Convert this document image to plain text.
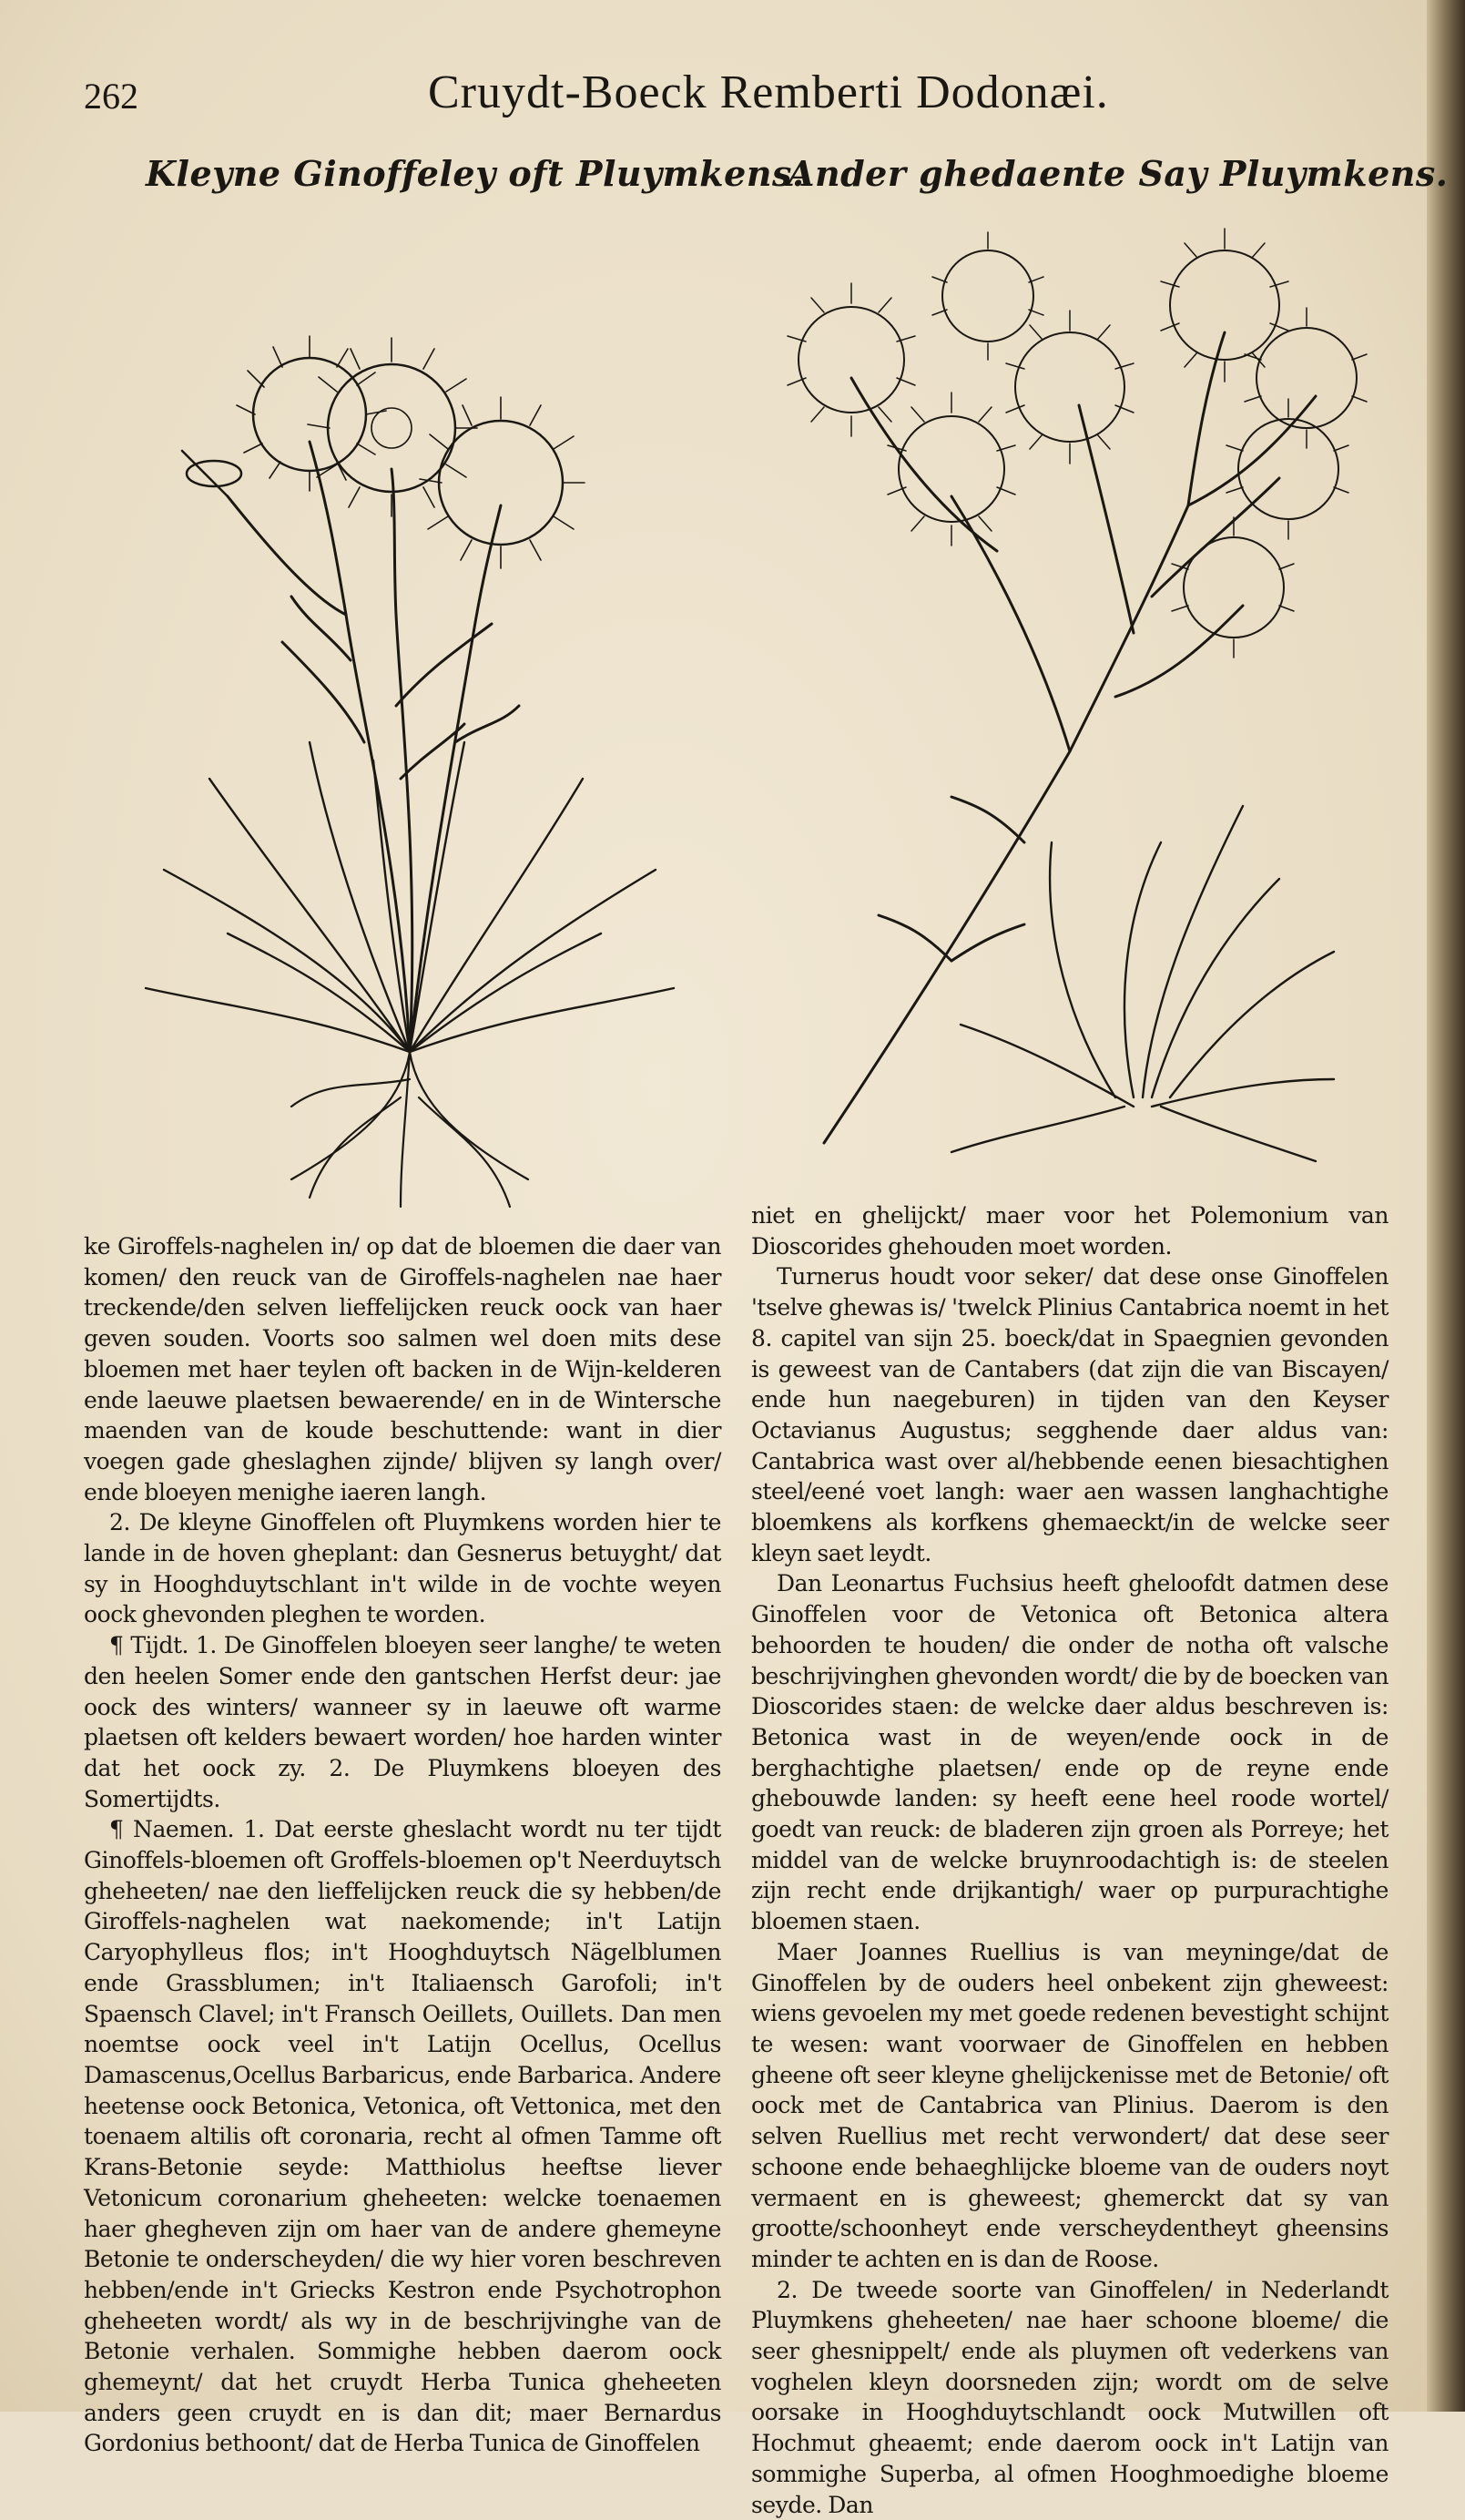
262	Cruydt-Boeck Remberti Dodonæi.
Kleyne Ginoffeley oft Pluymkens.
Ander ghedaente Say Pluymkens.

ke Giroffels-naghelen in/ op dat de bloemen die daer van komen/ den reuck van de Giroffels-naghelen nae haer treckende/den selven lieffelijcken reuck oock van haer geven souden. Voorts soo salmen wel doen mits dese bloemen met haer teylen oft backen in de Wijn-kelderen ende laeuwe plaetsen bewaerende/ en in de Wintersche maenden van de koude beschuttende: want in dier voegen gade gheslaghen zijnde/ blijven sy langh over/ ende bloeyen menighe iaeren langh.

2. De kleyne Ginoffelen oft Pluymkens worden hier te lande in de hoven gheplant: dan Gesnerus betuyght/ dat sy in Hooghduytschlant in't wilde in de vochte weyen oock ghevonden pleghen te worden.

¶ Tijdt. 1. De Ginoffelen bloeyen seer langhe/ te weten den heelen Somer ende den gantschen Herfst deur: jae oock des winters/ wanneer sy in laeuwe oft warme plaetsen oft kelders bewaert worden/ hoe harden winter dat het oock zy. 2. De Pluymkens bloeyen des Somertijdts.

¶ Naemen. 1. Dat eerste gheslacht wordt nu ter tijdt Ginoffels-bloemen oft Groffels-bloemen op't Neerduytsch gheheeten/ nae den lieffelijcken reuck die sy hebben/de Giroffels-naghelen wat naekomende; in't Latijn Caryophylleus flos; in't Hooghduytsch Nägelblumen ende Grassblumen; in't Italiaensch Garofoli; in't Spaensch Clavel; in't Fransch Oeillets, Ouillets. Dan men noemtse oock veel in't Latijn Ocellus, Ocellus Damascenus,Ocellus Barbaricus, ende Barbarica. Andere heetense oock Betonica, Vetonica, oft Vettonica, met den toenaem altilis oft coronaria, recht al ofmen Tamme oft Krans-Betonie seyde: Matthiolus heeftse liever Vetonicum coronarium gheheeten: welcke toenaemen haer ghegheven zijn om haer van de andere ghemeyne Betonie te onderscheyden/ die wy hier voren beschreven hebben/ende in't Griecks Kestron ende Psychotrophon gheheeten wordt/ als wy in de beschrijvinghe van de Betonie verhalen. Sommighe hebben daerom oock ghemeynt/ dat het cruydt Herba Tunica gheheeten anders geen cruydt en is dan dit; maer Bernardus Gordonius bethoont/ dat de Herba Tunica de Ginoffelen

niet en ghelijckt/ maer voor het Polemonium van Dioscorides ghehouden moet worden.

Turnerus houdt voor seker/ dat dese onse Ginoffelen 'tselve ghewas is/ 'twelck Plinius Cantabrica noemt in het 8. capitel van sijn 25. boeck/dat in Spaegnien gevonden is geweest van de Cantabers (dat zijn die van Biscayen/ ende hun naegeburen) in tijden van den Keyser Octavianus Augustus; segghende daer aldus van: Cantabrica wast over al/hebbende eenen biesachtighen steel/eené voet langh: waer aen wassen langhachtighe bloemkens als korfkens ghemaeckt/in de welcke seer kleyn saet leydt.

Dan Leonartus Fuchsius heeft gheloofdt datmen dese Ginoffelen voor de Vetonica oft Betonica altera behoorden te houden/ die onder de notha oft valsche beschrijvinghen ghevonden wordt/ die by de boecken van Dioscorides staen: de welcke daer aldus beschreven is: Betonica wast in de weyen/ende oock in de berghachtighe plaetsen/ ende op de reyne ende ghebouwde landen: sy heeft eene heel roode wortel/ goedt van reuck: de bladeren zijn groen als Porreye; het middel van de welcke bruynroodachtigh is: de steelen zijn recht ende drijkantigh/ waer op purpurachtighe bloemen staen.

Maer Joannes Ruellius is van meyninge/dat de Ginoffelen by de ouders heel onbekent zijn gheweest: wiens gevoelen my met goede redenen bevestight schijnt te wesen: want voorwaer de Ginoffelen en hebben gheene oft seer kleyne ghelijckenisse met de Betonie/ oft oock met de Cantabrica van Plinius. Daerom is den selven Ruellius met recht verwondert/ dat dese seer schoone ende behaeghlijcke bloeme van de ouders noyt vermaent en is gheweest; ghemerckt dat sy van grootte/schoonheyt ende verscheydentheyt gheensins minder te achten en is dan de Roose.

2. De tweede soorte van Ginoffelen/ in Nederlandt Pluymkens gheheeten/ nae haer schoone bloeme/ die seer ghesnippelt/ ende als pluymen oft vederkens van voghelen kleyn doorsneden zijn; wordt om de selve oorsake in Hooghduytschlandt oock Mutwillen oft Hochmut gheaemt; ende daerom oock in't Latijn van sommighe Superba, al ofmen Hooghmoedighe bloeme seyde. Dan
